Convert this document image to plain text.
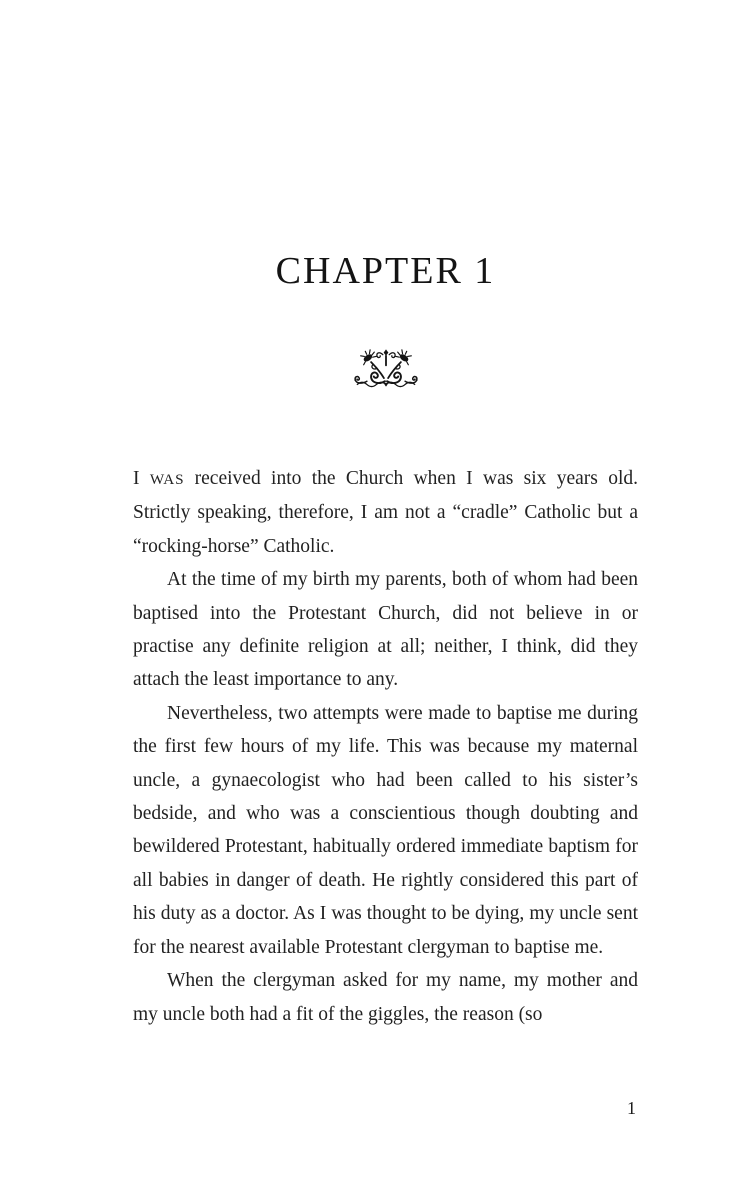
CHAPTER 1

I WAS received into the Church when I was six years old. Strictly speaking, therefore, I am not a “cradle” Catholic but a “rocking-horse” Catholic.

At the time of my birth my parents, both of whom had been baptised into the Protestant Church, did not believe in or practise any definite religion at all; neither, I think, did they attach the least importance to any.

Nevertheless, two attempts were made to baptise me during the first few hours of my life. This was because my maternal uncle, a gynaecologist who had been called to his sister’s bedside, and who was a conscientious though doubting and bewildered Protestant, habitually ordered immediate baptism for all babies in danger of death. He rightly considered this part of his duty as a doctor. As I was thought to be dying, my uncle sent for the nearest available Protestant clergyman to baptise me.

When the clergyman asked for my name, my mother and my uncle both had a fit of the giggles, the reason (so

1
